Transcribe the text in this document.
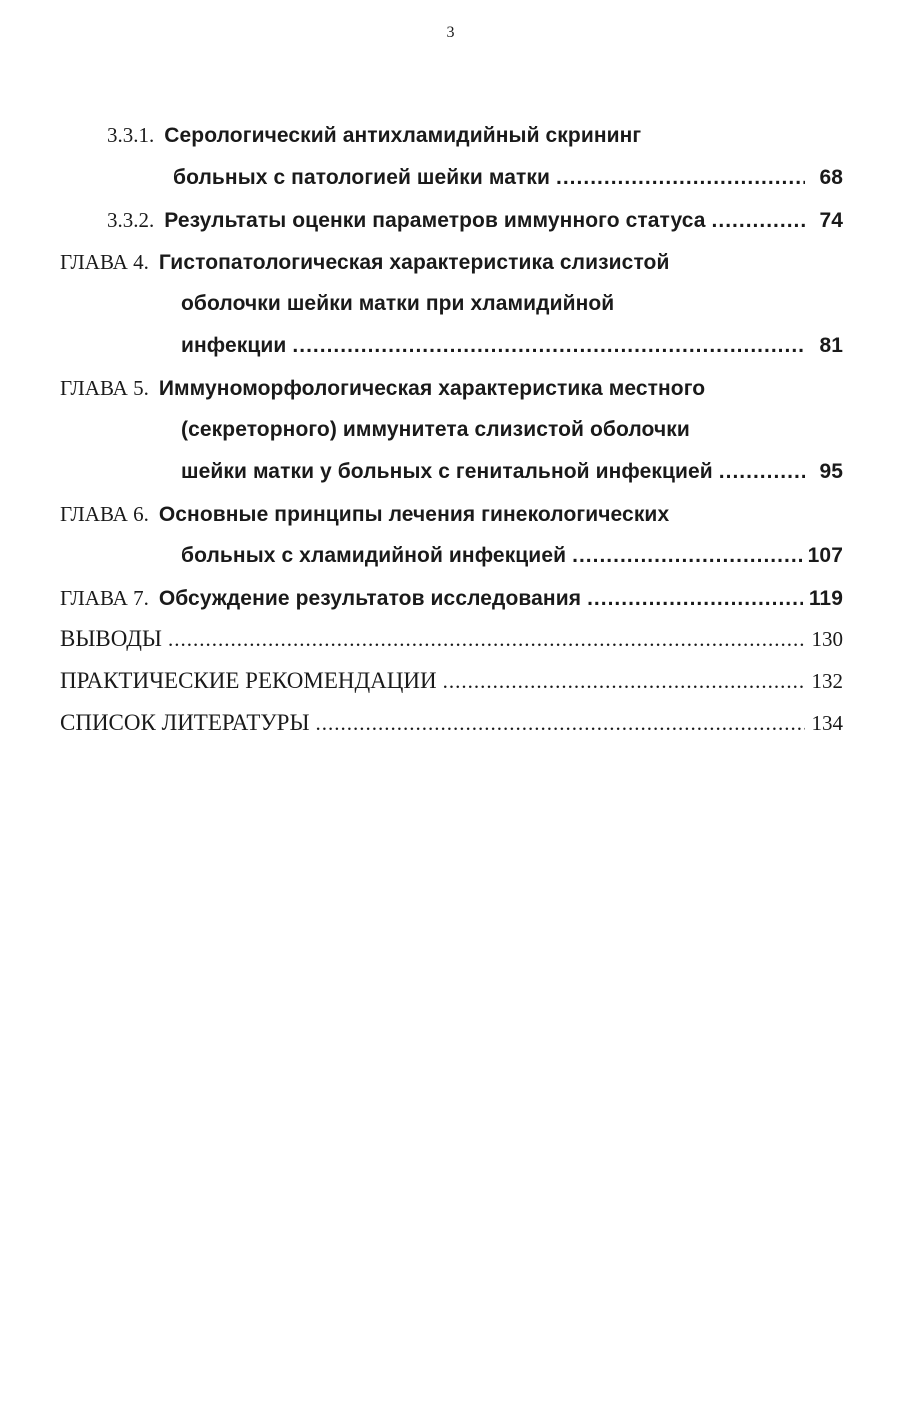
3
3.3.1. Серологический антихламидийный скрининг
больных с патологией шейки матки .....	68
3.3.2. Результаты оценки параметров иммунного статуса .....	74
ГЛАВА 4. Гистопатологическая характеристика слизистой
оболочки шейки матки при хламидийной
инфекции .....	81
ГЛАВА 5. Иммуноморфологическая характеристика местного
(секреторного) иммунитета слизистой оболочки
шейки матки у больных с генитальной инфекцией .....	95
ГЛАВА 6. Основные принципы лечения гинекологических
больных с хламидийной инфекцией .....	107
ГЛАВА 7. Обсуждение результатов исследования .....	119
ВЫВОДЫ .....	130
ПРАКТИЧЕСКИЕ РЕКОМЕНДАЦИИ .....	132
СПИСОК ЛИТЕРАТУРЫ .....	134
